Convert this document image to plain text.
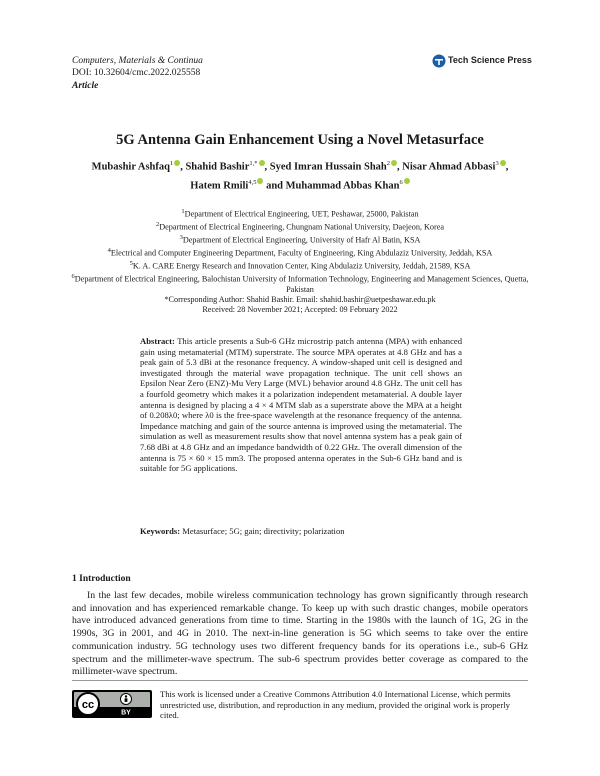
Computers, Materials & Continua
DOI: 10.32604/cmc.2022.025558
Article
Tech Science Press
5G Antenna Gain Enhancement Using a Novel Metasurface
Mubashir Ashfaq$^1$ , Shahid Bashir$^{1,*}$ , Syed Imran Hussain Shah$^2$ , Nisar Ahmad Abbasi$^3$ ,
Hatem Rmili$^{4,5}$ and Muhammad Abbas Khan$^6$
$^1$Department of Electrical Engineering, UET, Peshawar, 25000, Pakistan
$^2$Department of Electrical Engineering, Chungnam National University, Daejeon, Korea
$^3$Department of Electrical Engineering, University of Hafr Al Batin, KSA
$^4$Electrical and Computer Engineering Department, Faculty of Engineering, King Abdulaziz University, Jeddah, KSA
$^5$K. A. CARE Energy Research and Innovation Center, King Abdulaziz University, Jeddah, 21589, KSA
$^6$Department of Electrical Engineering, Balochistan University of Information Technology, Engineering and Management Sciences, Quetta, Pakistan
*Corresponding Author: Shahid Bashir. Email: shahid.bashir@uetpeshawar.edu.pk
Received: 28 November 2021; Accepted: 09 February 2022
Abstract: This article presents a Sub-6 GHz microstrip patch antenna (MPA) with enhanced gain using metamaterial (MTM) superstrate. The source MPA operates at 4.8 GHz and has a peak gain of 5.3 dBi at the resonance frequency. A window-shaped unit cell is designed and investigated through the material wave propagation technique. The unit cell shows an Epsilon Near Zero (ENZ)-Mu Very Large (MVL) behavior around 4.8 GHz. The unit cell has a fourfold geometry which makes it a polarization independent metamaterial. A double layer antenna is designed by placing a 4 × 4 MTM slab as a superstrate above the MPA at a height of 0.208λ0; where λ0 is the free-space wavelength at the resonance frequency of the antenna. Impedance matching and gain of the source antenna is improved using the metamaterial. The simulation as well as measurement results show that novel antenna system has a peak gain of 7.68 dBi at 4.8 GHz and an impedance bandwidth of 0.22 GHz. The overall dimension of the antenna is 75 × 60 × 15 mm3. The proposed antenna operates in the Sub-6 GHz band and is suitable for 5G applications.
Keywords: Metasurface; 5G; gain; directivity; polarization
1 Introduction
In the last few decades, mobile wireless communication technology has grown significantly through research and innovation and has experienced remarkable change. To keep up with such drastic changes, mobile operators have introduced advanced generations from time to time. Starting in the 1980s with the launch of 1G, 2G in the 1990s, 3G in 2001, and 4G in 2010. The next-in-line generation is 5G which seems to take over the entire communication industry. 5G technology uses two different frequency bands for its operations i.e., sub-6 GHz spectrum and the millimeter-wave spectrum. The sub-6 spectrum provides better coverage as compared to the millimeter-wave spectrum.
cc
BY
This work is licensed under a Creative Commons Attribution 4.0 International License, which permits unrestricted use, distribution, and reproduction in any medium, provided the original work is properly cited.
